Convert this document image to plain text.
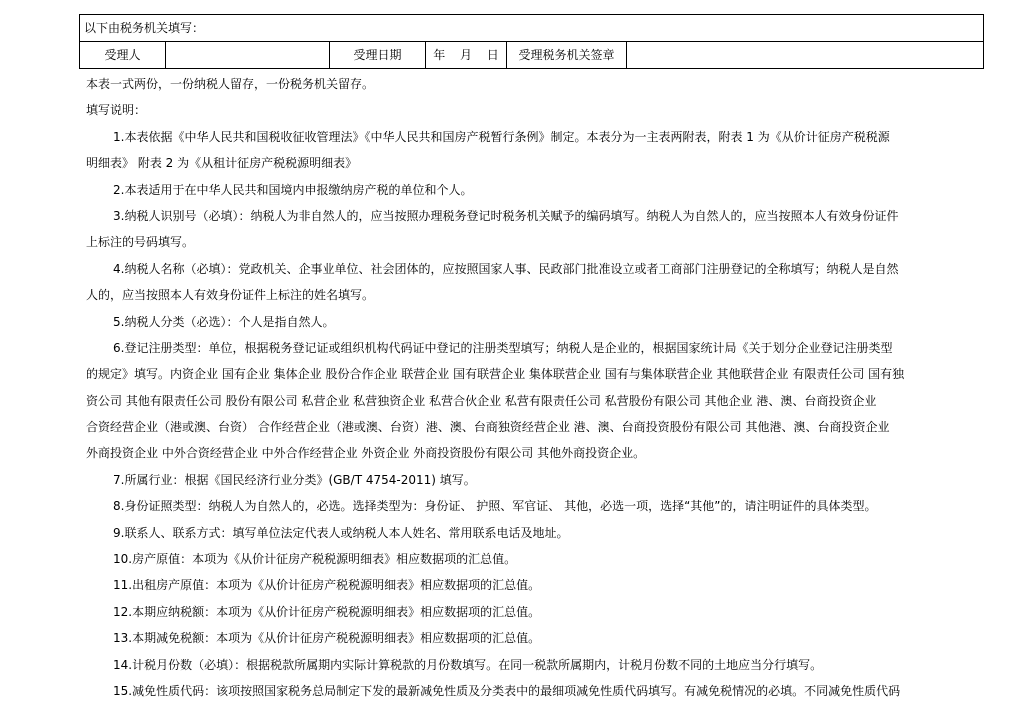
以下由税务机关填写：
受理人		受理日期	年	月	日	受理税务机关签章	
本表一式两份，一份纳税人留存，一份税务机关留存。
填写说明：
1.本表依据《中华人民共和国税收征收管理法》《中华人民共和国房产税暂行条例》制定。本表分为一主表两附表，附表 1 为《从价计征房产税税源
明细表》 附表 2 为《从租计征房产税税源明细表》
2.本表适用于在中华人民共和国境内申报缴纳房产税的单位和个人。
3.纳税人识别号（必填）：纳税人为非自然人的，应当按照办理税务登记时税务机关赋予的编码填写。纳税人为自然人的，应当按照本人有效身份证件
上标注的号码填写。
4.纳税人名称（必填）：党政机关、企事业单位、社会团体的，应按照国家人事、民政部门批准设立或者工商部门注册登记的全称填写；纳税人是自然
人的，应当按照本人有效身份证件上标注的姓名填写。
5.纳税人分类（必选）：个人是指自然人。
6.登记注册类型：单位，根据税务登记证或组织机构代码证中登记的注册类型填写；纳税人是企业的，根据国家统计局《关于划分企业登记注册类型
的规定》填写。内资企业 国有企业 集体企业 股份合作企业 联营企业 国有联营企业 集体联营企业 国有与集体联营企业 其他联营企业 有限责任公司 国有独
资公司 其他有限责任公司 股份有限公司 私营企业 私营独资企业 私营合伙企业 私营有限责任公司 私营股份有限公司 其他企业 港、澳、台商投资企业
合资经营企业（港或澳、台资） 合作经营企业（港或澳、台资）港、澳、台商独资经营企业 港、澳、台商投资股份有限公司 其他港、澳、台商投资企业
外商投资企业 中外合资经营企业 中外合作经营企业 外资企业 外商投资股份有限公司 其他外商投资企业。
7.所属行业：根据《国民经济行业分类》(GB/T 4754-2011) 填写。
8.身份证照类型：纳税人为自然人的，必选。选择类型为：身份证、 护照、军官证、 其他，必选一项，选择“其他”的，请注明证件的具体类型。
9.联系人、联系方式：填写单位法定代表人或纳税人本人姓名、常用联系电话及地址。
10.房产原值：本项为《从价计征房产税税源明细表》相应数据项的汇总值。
11.出租房产原值：本项为《从价计征房产税税源明细表》相应数据项的汇总值。
12.本期应纳税额：本项为《从价计征房产税税源明细表》相应数据项的汇总值。
13.本期减免税额：本项为《从价计征房产税税源明细表》相应数据项的汇总值。
14.计税月份数（必填）：根据税款所属期内实际计算税款的月份数填写。在同一税款所属期内，计税月份数不同的土地应当分行填写。
15.减免性质代码：该项按照国家税务总局制定下发的最新减免性质及分类表中的最细项减免性质代码填写。有减免税情况的必填。不同减免性质代码
